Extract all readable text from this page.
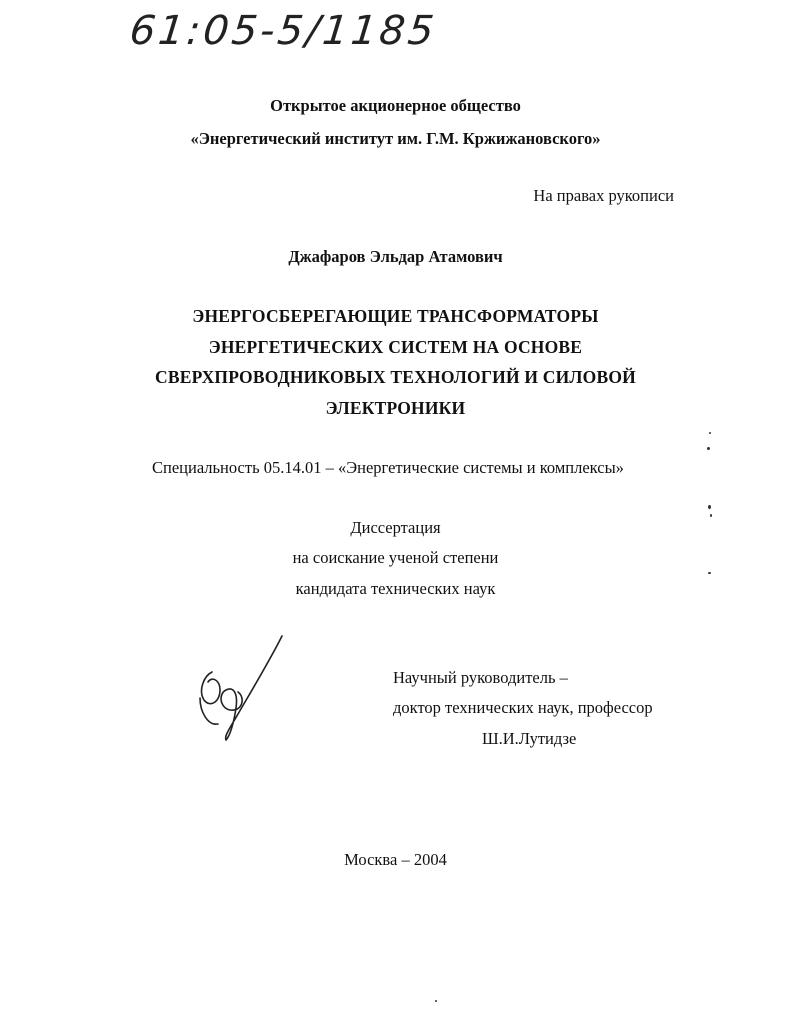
61:05-5/1185
Открытое акционерное общество
«Энергетический институт им. Г.М. Кржижановского»
На правах рукописи
Джафаров Эльдар Атамович
ЭНЕРГОСБЕРЕГАЮЩИЕ ТРАНСФОРМАТОРЫ
ЭНЕРГЕТИЧЕСКИХ СИСТЕМ НА ОСНОВЕ
СВЕРХПРОВОДНИКОВЫХ ТЕХНОЛОГИЙ И СИЛОВОЙ
ЭЛЕКТРОНИКИ
Специальность 05.14.01 – «Энергетические системы и комплексы»
Диссертация
на соискание ученой степени
кандидата технических наук
Научный руководитель –
доктор технических наук, профессор
Ш.И.Лутидзе
Москва – 2004
